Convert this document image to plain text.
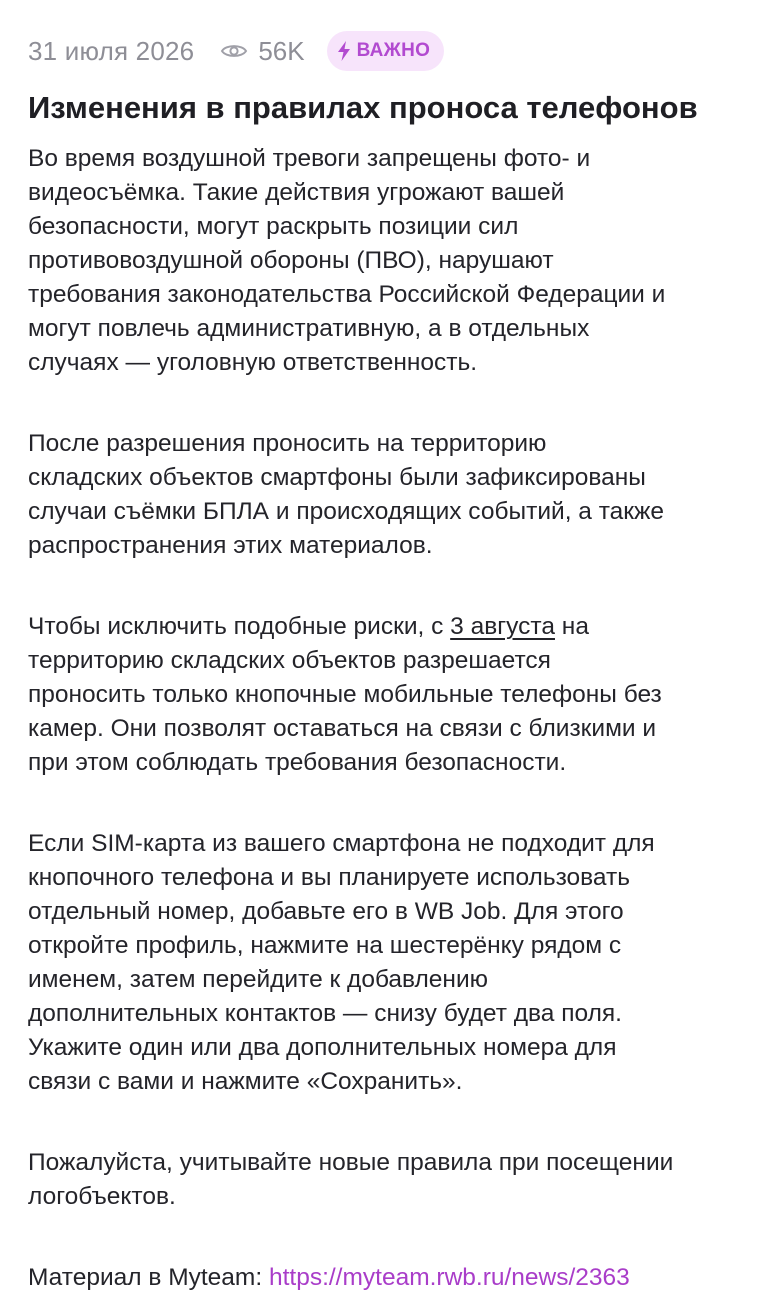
31 июля 2026 56K	ВАЖНО
Изменения в правилах проноса телефонов

Во время воздушной тревоги запрещены фото- и
видеосъёмка. Такие действия угрожают вашей
безопасности, могут раскрыть позиции сил
противовоздушной обороны (ПВО), нарушают
требования законодательства Российской Федерации и
могут повлечь административную, а в отдельных
случаях — уголовную ответственность.

После разрешения проносить на территорию
складских объектов смартфоны были зафиксированы
случаи съёмки БПЛА и происходящих событий, а также
распространения этих материалов.

Чтобы исключить подобные риски, с 3 августа на
территорию складских объектов разрешается
проносить только кнопочные мобильные телефоны без
камер. Они позволят оставаться на связи с близкими и
при этом соблюдать требования безопасности.

Если SIM-карта из вашего смартфона не подходит для
кнопочного телефона и вы планируете использовать
отдельный номер, добавьте его в WB Job. Для этого
откройте профиль, нажмите на шестерёнку рядом с
именем, затем перейдите к добавлению
дополнительных контактов — снизу будет два поля.
Укажите один или два дополнительных номера для
связи с вами и нажмите «Сохранить».

Пожалуйста, учитывайте новые правила при посещении
логобъектов.

Материал в Myteam: https://myteam.rwb.ru/news/2363
